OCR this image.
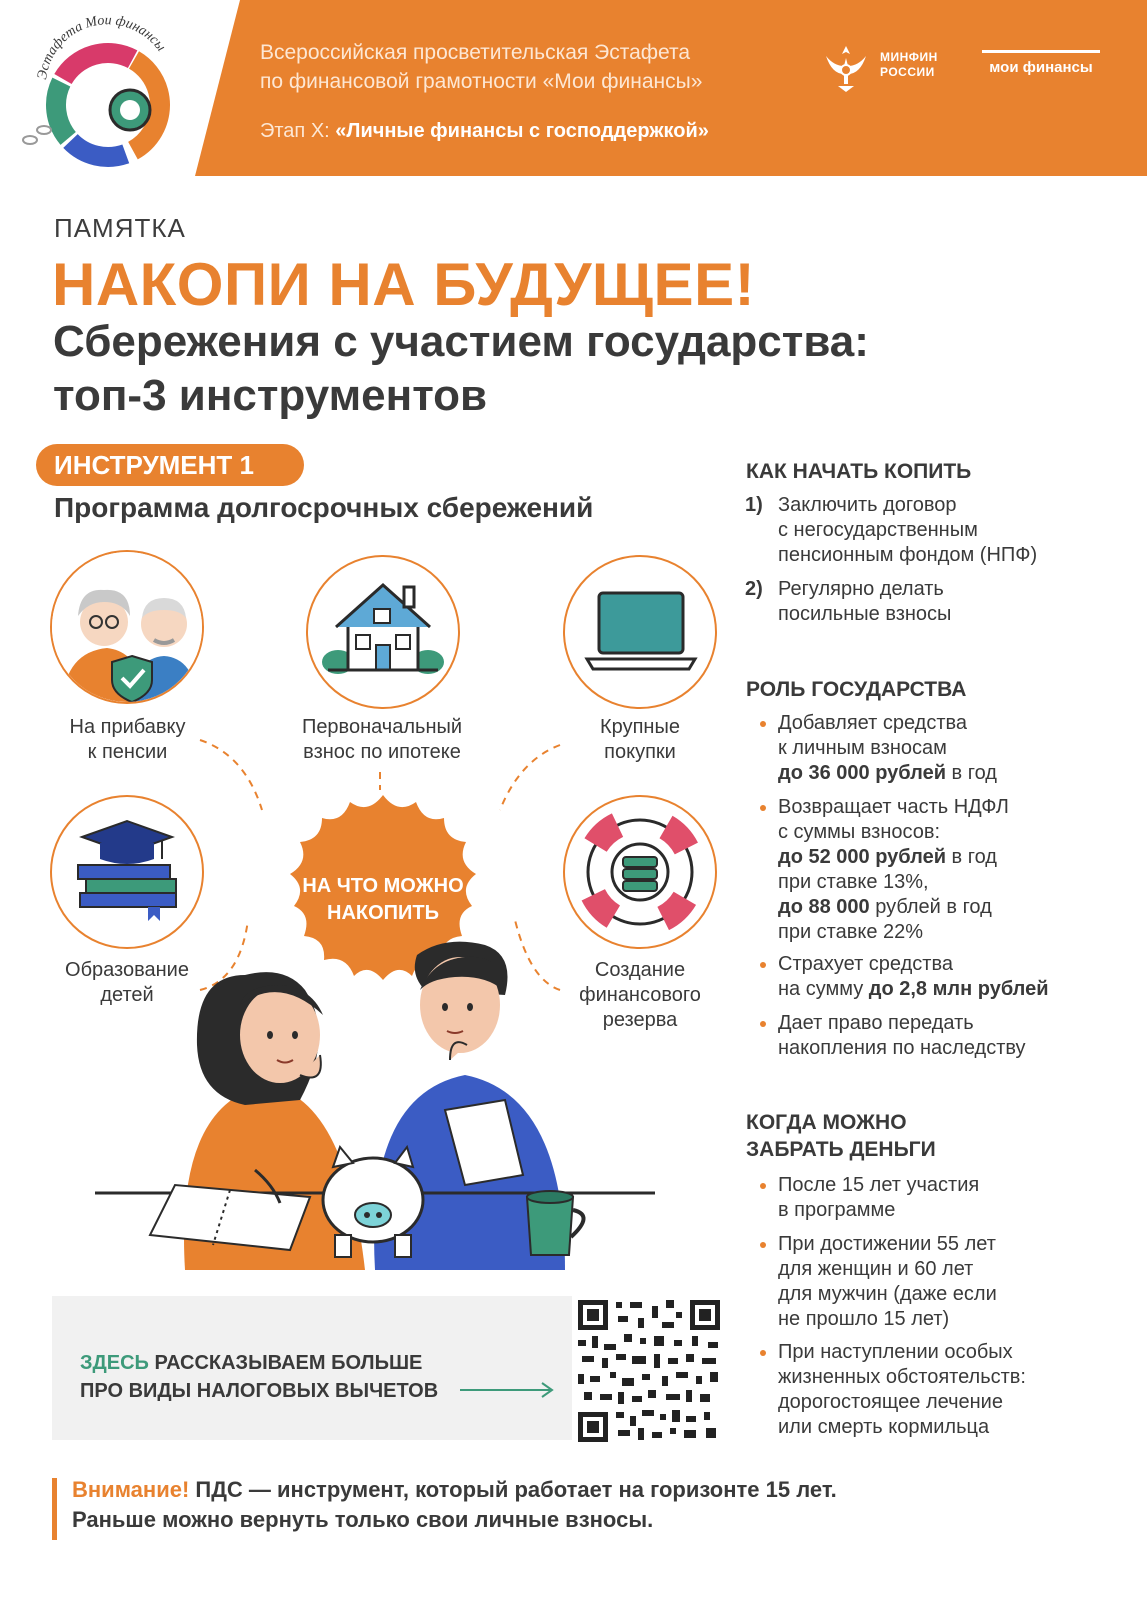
Эстафета Мои финансы	Всероссийская просветительская Эстафета
по финансовой грамотности «Мои финансы»
Этап X: «Личные финансы с господдержкой»
МИНФИН
РОССИИ	мои финансы
ПАМЯТКА
НАКОПИ НА БУДУЩЕЕ!
Сбережения с участием государства:
топ-3 инструментов
ИНСТРУМЕНТ 1
Программа долгосрочных сбережений
На прибавку
к пенсии
Первоначальный
взнос по ипотеке
Крупные
покупки
Образование
детей
Создание
финансового
резерва
НА ЧТО МОЖНО
НАКОПИТЬ
КАК НАЧАТЬ КОПИТЬ
1) Заключить договор
с негосударственным
пенсионным фондом (НПФ)
2) Регулярно делать
посильные взносы
РОЛЬ ГОСУДАРСТВА
Добавляет средства
к личным взносам
до 36 000 рублей в год
Возвращает часть НДФЛ
с суммы взносов:
до 52 000 рублей в год
при ставке 13%,
до 88 000 рублей в год
при ставке 22%
Страхует средства
на сумму до 2,8 млн рублей
Дает право передать
накопления по наследству
КОГДА МОЖНО
ЗАБРАТЬ ДЕНЬГИ
После 15 лет участия
в программе
При достижении 55 лет
для женщин и 60 лет
для мужчин (даже если
не прошло 15 лет)
При наступлении особых
жизненных обстоятельств:
дорогостоящее лечение
или смерть кормильца
ЗДЕСЬ РАССКАЗЫВАЕМ БОЛЬШЕ
ПРО ВИДЫ НАЛОГОВЫХ ВЫЧЕТОВ
Внимание! ПДС — инструмент, который работает на горизонте 15 лет.
Раньше можно вернуть только свои личные взносы.
